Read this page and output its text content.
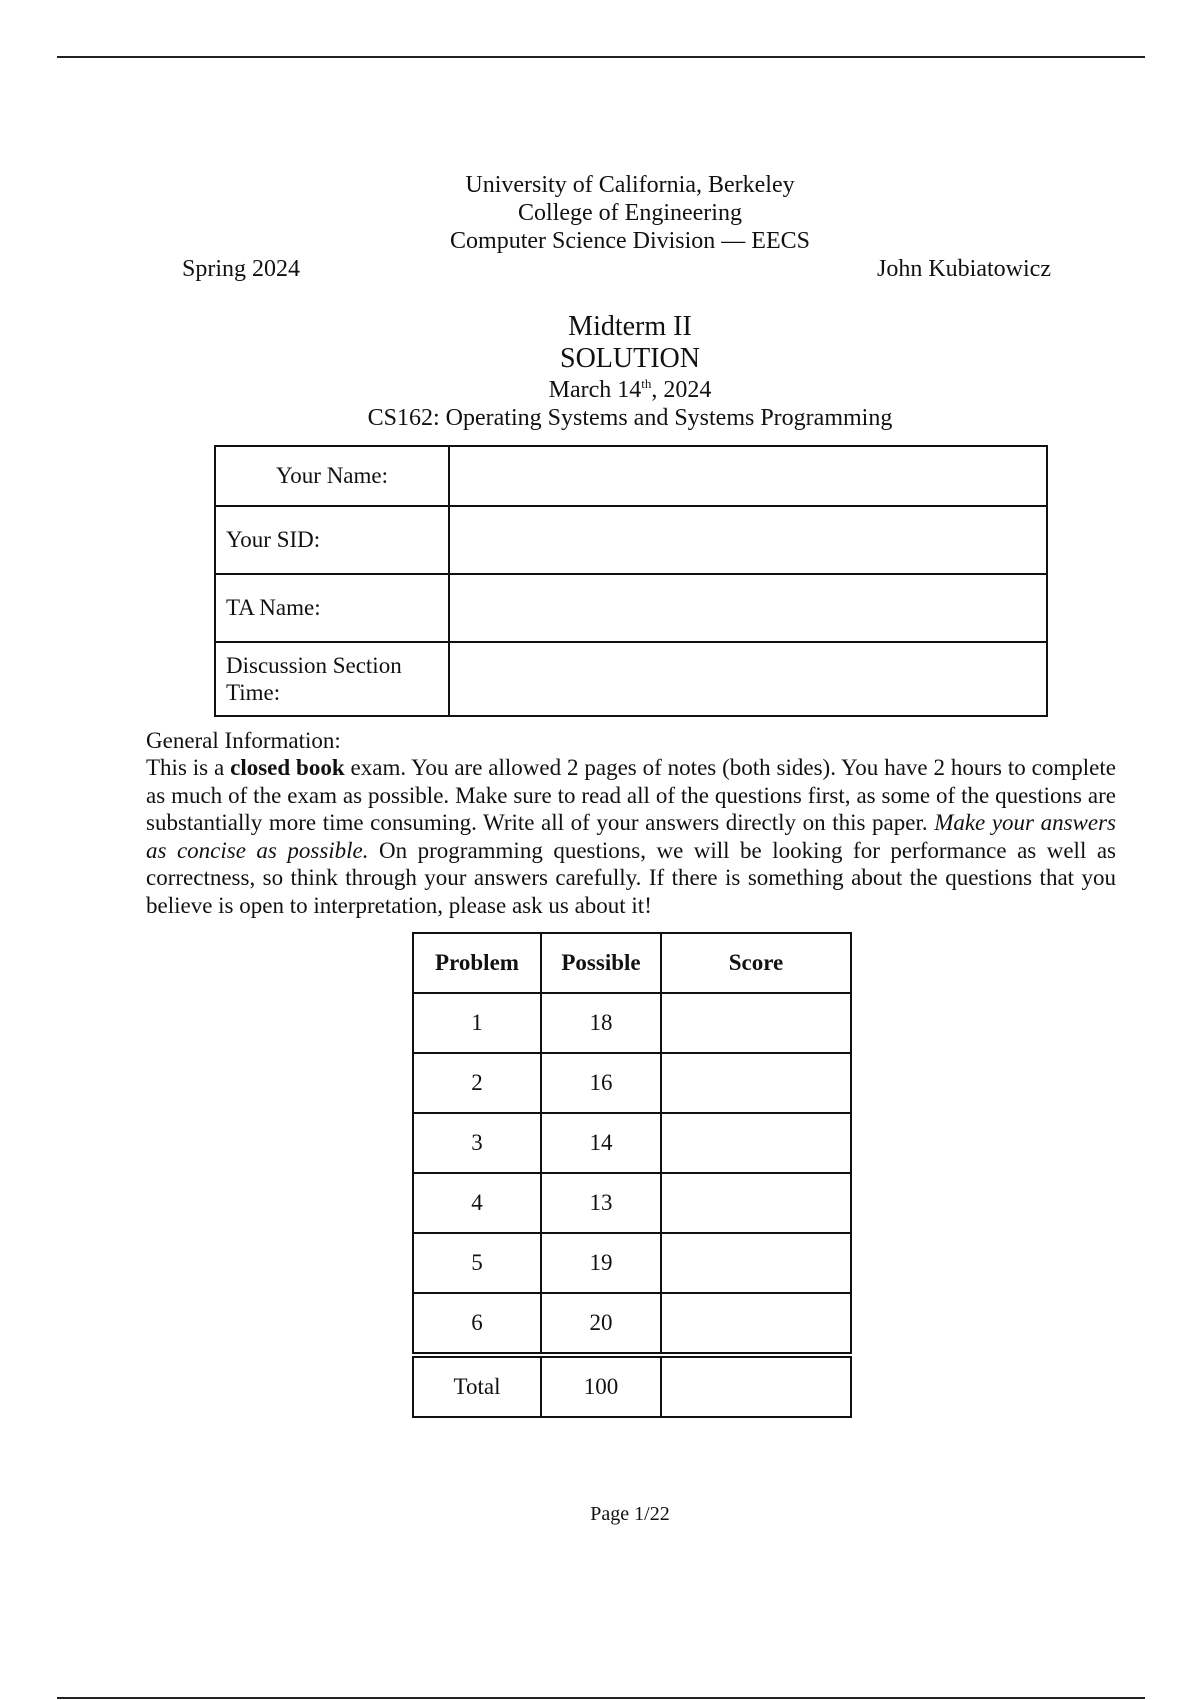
University of California, Berkeley
College of Engineering
Computer Science Division — EECS
Spring 2024	John Kubiatowicz
Midterm II
SOLUTION
March 14th, 2024
CS162: Operating Systems and Systems Programming
Your Name:	
Your SID:	
TA Name:	

Discussion Section
Time:	

General Information:
This is a closed book exam. You are allowed 2 pages of notes (both sides). You have 2 hours to complete as much of the exam as possible. Make sure to read all of the questions first, as some of the questions are substantially more time consuming. Write all of your answers directly on this paper. Make your answers as concise as possible. On programming questions, we will be looking for performance as well as correctness, so think through your answers carefully. If there is something about the questions that you believe is open to interpretation, please ask us about it!
Problem	Possible	Score
1	18	
2	16	
3	14	
4	13	
5	19	
6	20	
Total	100	
Page 1/22
